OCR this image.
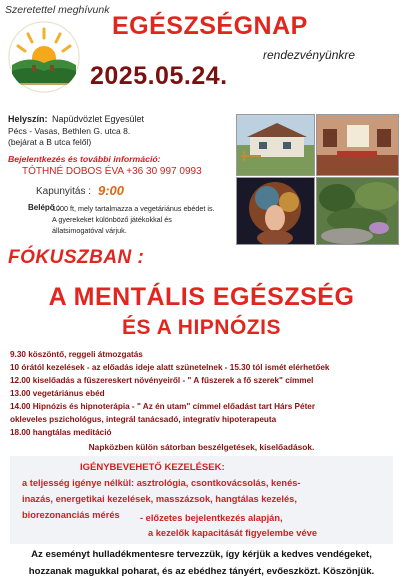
Szeretettel meghívunk
EGÉSZSÉGNAP
rendezvényünkre
2025.05.24.
Helyszín: Napüdvözlet Egyesület
Pécs - Vasas, Bethlen G. utca 8.
(bejárat a B utca felől)
Bejelentkezés és további információ:
TÓTHNÉ DOBOS ÉVA +36 30 997 0993
Kapunyitás : 9:00
Belépő :
1000 ft, mely tartalmazza a vegetáriánus ebédet is. A gyerekeket különböző játékokkal és állatsimogatóval várjuk.
FÓKUSZBAN :
A MENTÁLIS EGÉSZSÉG
ÉS A HIPNÓZIS
9.30 köszöntő, reggeli átmozgatás
10 órától kezelések - az előadás ideje alatt szünetelnek - 15.30 tól ismét elérhetőek
12.00 kiselőadás a fűszereskert növényeiről - " A fűszerek a fő szerek" címmel
13.00 vegetáriánus ebéd
14.00 Hipnózis és hipnoterápia - " Az én utam" címmel előadást tart Hárs Péter
okleveles pszichológus, integrál tanácsadó, integratív hipoterapeuta
18.00 hangtálas meditáció
Napközben külön sátorban beszélgetések, kiselőadások.
IGÉNYBEVEHETŐ KEZELÉSEK:
a teljesség igénye nélkül: asztrológia, csontkovácsolás, kenés-
inazás, energetikai kezelések, masszázsok, hangtálas kezelés,
biorezonanciás mérés - előzetes bejelentkezés alapján,
a kezelők kapacitását figyelembe véve
Az eseményt hulladékmentesre tervezzük, így kérjük a kedves vendégeket,
hozzanak magukkal poharat, és az ebédhez tányért, evőeszközt. Köszönjük.
